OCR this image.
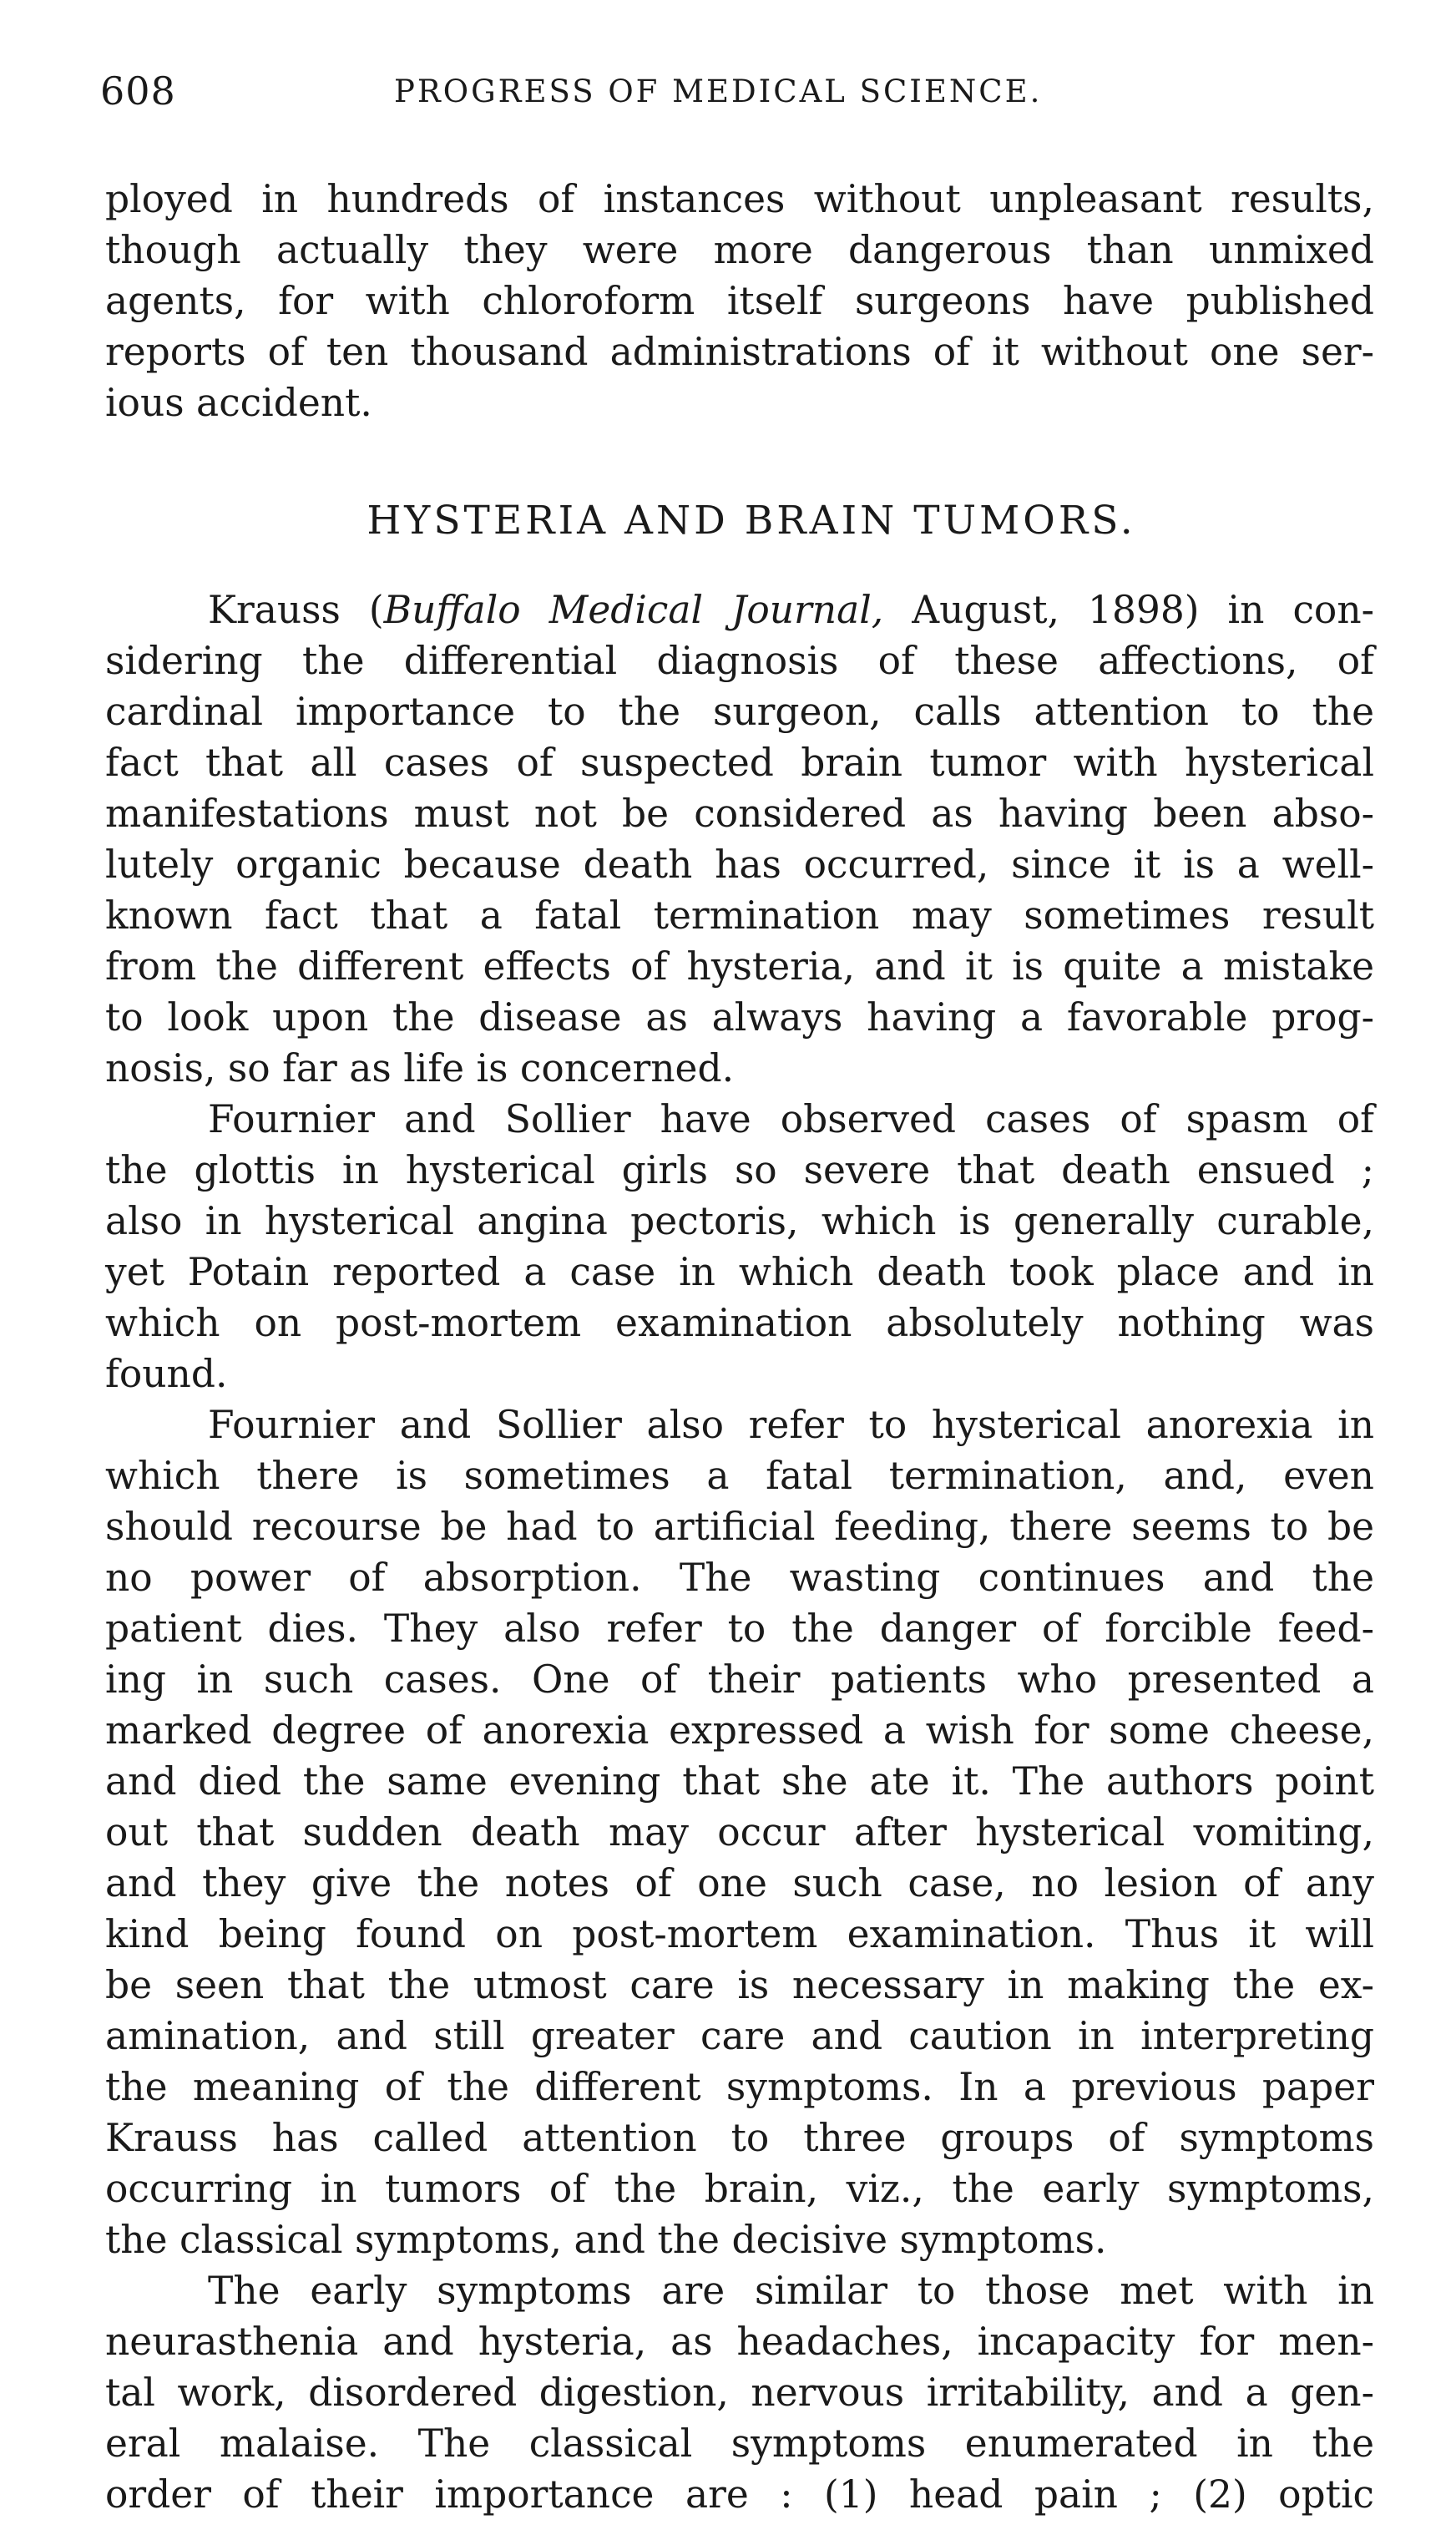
608	PROGRESS OF MEDICAL SCIENCE.
ployed in hundreds of instances without unpleasant results,
though actually they were more dangerous than unmixed
agents, for with chloroform itself surgeons have published
reports of ten thousand administrations of it without one ser-
ious accident.
HYSTERIA AND BRAIN TUMORS.
Krauss (Buffalo Medical Journal, August, 1898) in con-
sidering the differential diagnosis of these affections, of
cardinal importance to the surgeon, calls attention to the
fact that all cases of suspected brain tumor with hysterical
manifestations must not be considered as having been abso-
lutely organic because death has occurred, since it is a well-
known fact that a fatal termination may sometimes result
from the different effects of hysteria, and it is quite a mistake
to look upon the disease as always having a favorable prog-
nosis, so far as life is concerned.
Fournier and Sollier have observed cases of spasm of
the glottis in hysterical girls so severe that death ensued ;
also in hysterical angina pectoris, which is generally curable,
yet Potain reported a case in which death took place and in
which on post-mortem examination absolutely nothing was
found.
Fournier and Sollier also refer to hysterical anorexia in
which there is sometimes a fatal termination, and, even
should recourse be had to artificial feeding, there seems to be
no power of absorption. The wasting continues and the
patient dies. They also refer to the danger of forcible feed-
ing in such cases. One of their patients who presented a
marked degree of anorexia expressed a wish for some cheese,
and died the same evening that she ate it. The authors point
out that sudden death may occur after hysterical vomiting,
and they give the notes of one such case, no lesion of any
kind being found on post-mortem examination. Thus it will
be seen that the utmost care is necessary in making the ex-
amination, and still greater care and caution in interpreting
the meaning of the different symptoms. In a previous paper
Krauss has called attention to three groups of symptoms
occurring in tumors of the brain, viz., the early symptoms,
the classical symptoms, and the decisive symptoms.
The early symptoms are similar to those met with in
neurasthenia and hysteria, as headaches, incapacity for men-
tal work, disordered digestion, nervous irritability, and a gen-
eral malaise. The classical symptoms enumerated in the
order of their importance are : (1) head pain ; (2) optic
